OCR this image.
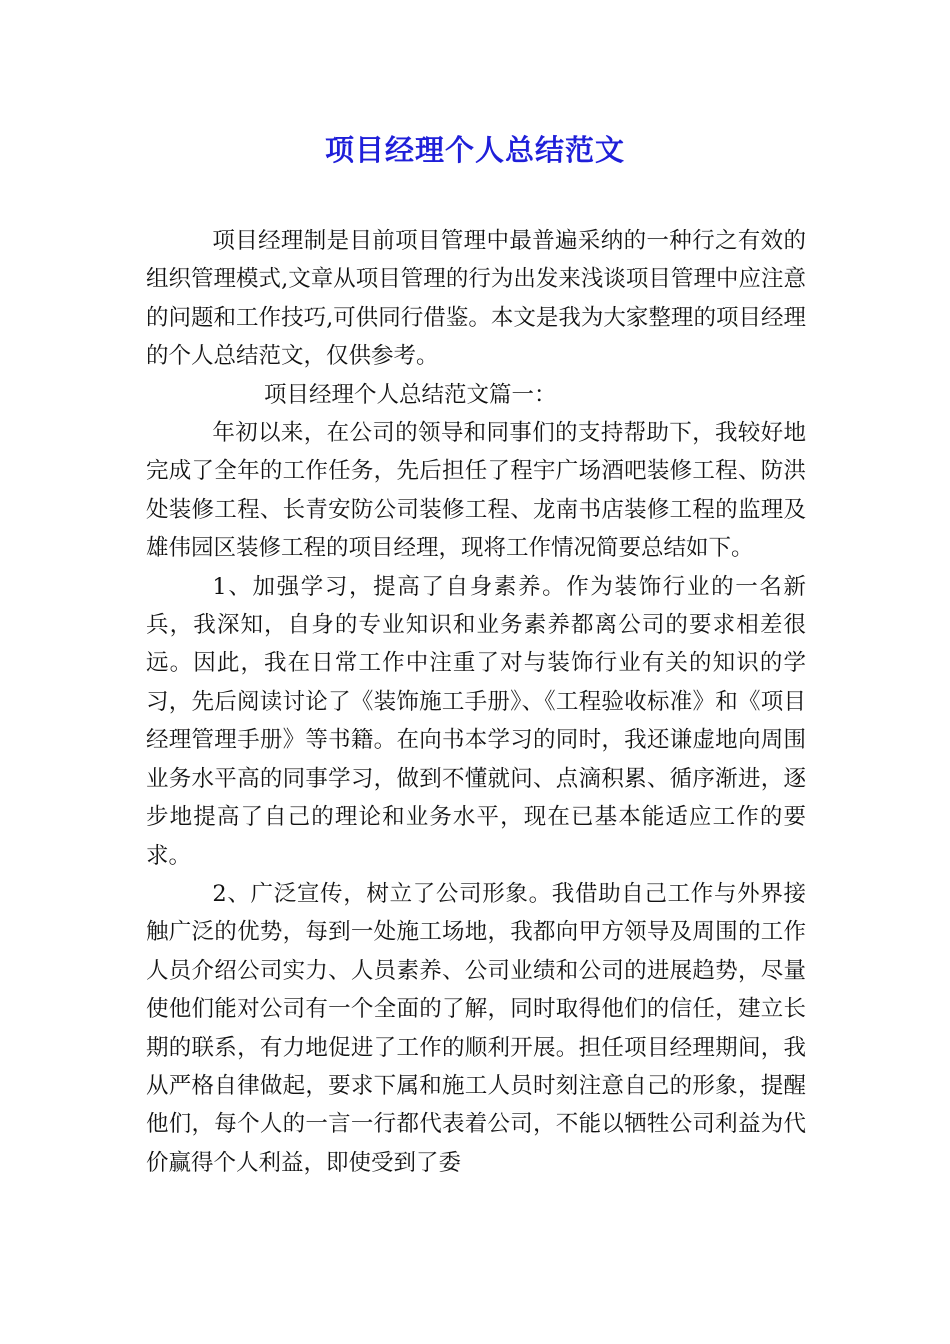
项目经理个人总结范文

项目经理制是目前项目管理中最普遍采纳的一种行之有效的组织管理模式,文章从项目管理的行为出发来浅谈项目管理中应注意的问题和工作技巧,可供同行借鉴。本文是我为大家整理的项目经理的个人总结范文，仅供参考。

项目经理个人总结范文篇一：

年初以来，在公司的领导和同事们的支持帮助下，我较好地完成了全年的工作任务，先后担任了程宇广场酒吧装修工程、防洪处装修工程、长青安防公司装修工程、龙南书店装修工程的监理及雄伟园区装修工程的项目经理，现将工作情况简要总结如下。

1、加强学习，提高了自身素养。作为装饰行业的一名新兵，我深知，自身的专业知识和业务素养都离公司的要求相差很远。因此，我在日常工作中注重了对与装饰行业有关的知识的学习，先后阅读讨论了《装饰施工手册》、《工程验收标准》和《项目经理管理手册》等书籍。在向书本学习的同时，我还谦虚地向周围业务水平高的同事学习，做到不懂就问、点滴积累、循序渐进，逐步地提高了自己的理论和业务水平，现在已基本能适应工作的要求。

2、广泛宣传，树立了公司形象。我借助自己工作与外界接触广泛的优势，每到一处施工场地，我都向甲方领导及周围的工作人员介绍公司实力、人员素养、公司业绩和公司的进展趋势，尽量使他们能对公司有一个全面的了解，同时取得他们的信任，建立长期的联系，有力地促进了工作的顺利开展。担任项目经理期间，我从严格自律做起，要求下属和施工人员时刻注意自己的形象，提醒他们，每个人的一言一行都代表着公司，不能以牺牲公司利益为代价赢得个人利益，即使受到了委
